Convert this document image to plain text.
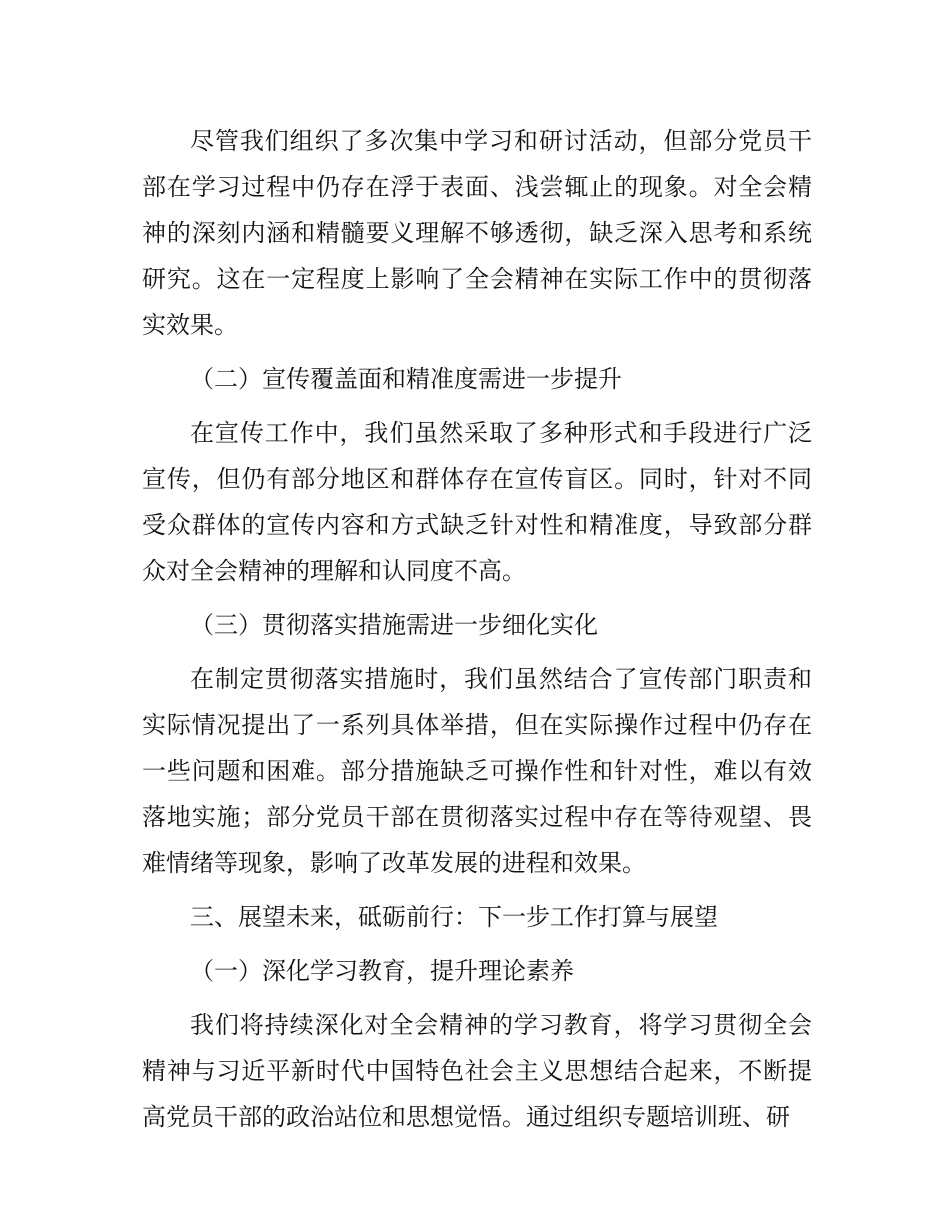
尽管我们组织了多次集中学习和研讨活动，但部分党员干部在学习过程中仍存在浮于表面、浅尝辄止的现象。对全会精神的深刻内涵和精髓要义理解不够透彻，缺乏深入思考和系统研究。这在一定程度上影响了全会精神在实际工作中的贯彻落实效果。

（二）宣传覆盖面和精准度需进一步提升

在宣传工作中，我们虽然采取了多种形式和手段进行广泛宣传，但仍有部分地区和群体存在宣传盲区。同时，针对不同受众群体的宣传内容和方式缺乏针对性和精准度，导致部分群众对全会精神的理解和认同度不高。

（三）贯彻落实措施需进一步细化实化

在制定贯彻落实措施时，我们虽然结合了宣传部门职责和实际情况提出了一系列具体举措，但在实际操作过程中仍存在一些问题和困难。部分措施缺乏可操作性和针对性，难以有效落地实施；部分党员干部在贯彻落实过程中存在等待观望、畏难情绪等现象，影响了改革发展的进程和效果。

三、展望未来，砥砺前行：下一步工作打算与展望

（一）深化学习教育，提升理论素养

我们将持续深化对全会精神的学习教育，将学习贯彻全会精神与习近平新时代中国特色社会主义思想结合起来，不断提高党员干部的政治站位和思想觉悟。通过组织专题培训班、研
